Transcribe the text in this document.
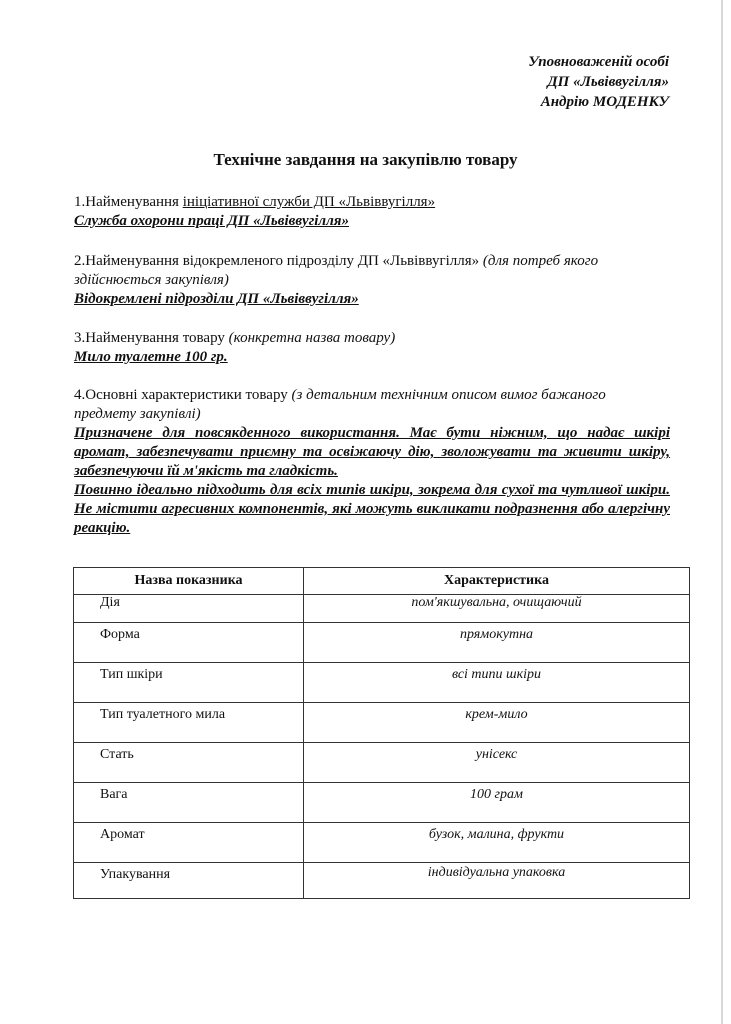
Уповноваженій особі
ДП «Львіввугілля»
Андрію МОДЕНКУ
Технічне завдання на закупівлю товару
1.Найменування ініціативної служби ДП «Львіввугілля»
Служба охорони праці ДП «Львіввугілля»
2.Найменування відокремленого підрозділу ДП «Львіввугілля» (для потреб якого здійснюється закупівля)
Відокремлені підрозділи ДП «Львіввугілля»
3.Найменування товару (конкретна назва товару)
Мило туалетне 100 гр.
4.Основні характеристики товару (з детальним технічним описом вимог бажаного предмету закупівлі)
Призначене для повсякденного використання. Має бути ніжним, що надає шкірі аромат, забезпечувати приємну та освіжаючу дію, зволожувати та живити шкіру, забезпечуючи їй м'якість та гладкість.
Повинно ідеально підходить для всіх типів шкіри, зокрема для сухої та чутливої шкіри. Не містити агресивних компонентів, які можуть викликати подразнення або алергічну реакцію.
Назва показника	Характеристика
Дія	пом'якшувальна, очищаючий
Форма	прямокутна
Тип шкіри	всі типи шкіри
Тип туалетного мила	крем-мило
Стать	унісекс
Вага	100 грам
Аромат	бузок, малина, фрукти
Упакування	індивідуальна упаковка
